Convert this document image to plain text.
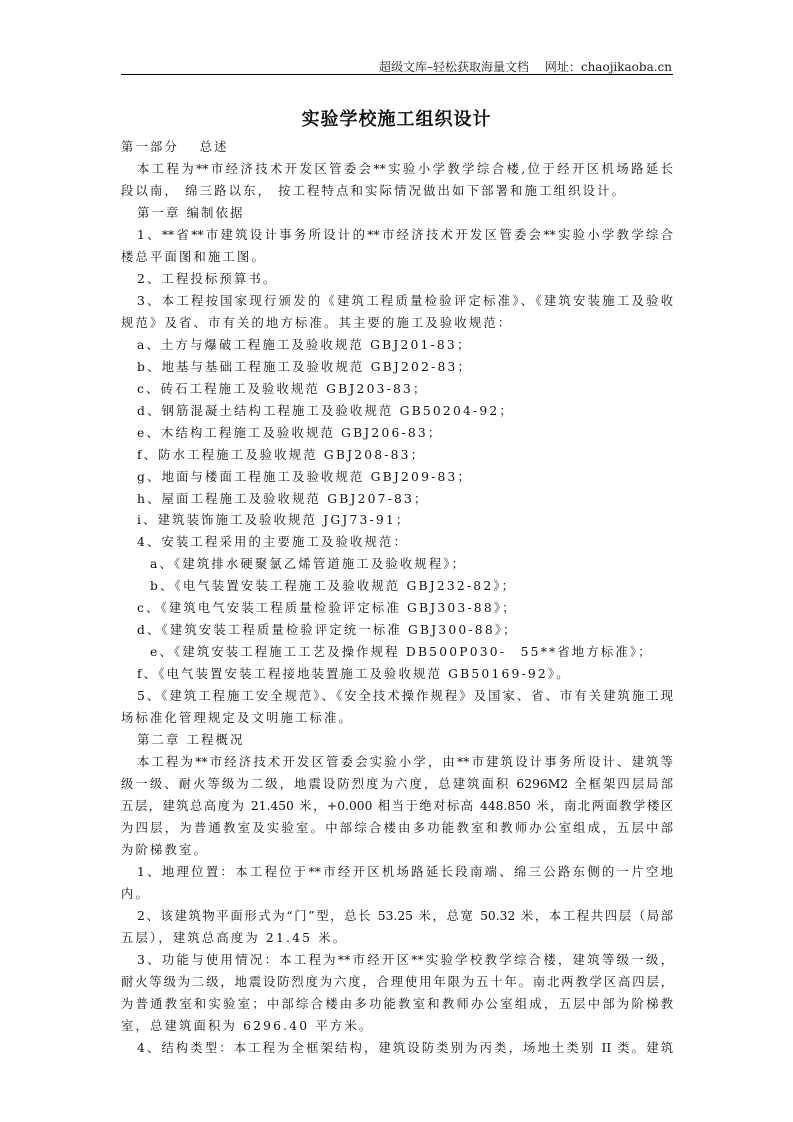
超级文库–轻松获取海量文档　 网址：chaojikaoba.cn
实验学校施工组织设计
第一部分　 总述
本工程为**市经济技术开发区管委会**实验小学教学综合楼,位于经开区机场路延长
段以南， 绵三路以东， 按工程特点和实际情况做出如下部署和施工组织设计。
第一章 编制依据
1、**省**市建筑设计事务所设计的**市经济技术开发区管委会**实验小学教学综合
楼总平面图和施工图。
2、工程投标预算书。
3、本工程按国家现行颁发的《建筑工程质量检验评定标准》、《建筑安装施工及验收
规范》及省、市有关的地方标准。其主要的施工及验收规范：
a、土方与爆破工程施工及验收规范 GBJ201-83；
b、地基与基础工程施工及验收规范 GBJ202-83；
c、砖石工程施工及验收规范 GBJ203-83；
d、钢筋混凝土结构工程施工及验收规范 GB50204-92；
e、木结构工程施工及验收规范 GBJ206-83；
f、防水工程施工及验收规范 GBJ208-83；
g、地面与楼面工程施工及验收规范 GBJ209-83；
h、屋面工程施工及验收规范 GBJ207-83；
i、建筑装饰施工及验收规范 JGJ73-91；
4、安装工程采用的主要施工及验收规范：
a、《建筑排水硬聚氯乙烯管道施工及验收规程》；
b、《电气装置安装工程施工及验收规范 GBJ232-82》；
c、《建筑电气安装工程质量检验评定标准 GBJ303-88》；
d、《建筑安装工程质量检验评定统一标准 GBJ300-88》；
e、《建筑安装工程施工工艺及操作规程 DB500P030-　55**省地方标准》；
f、《电气装置安装工程接地装置施工及验收规范 GB50169-92》。
5、《建筑工程施工安全规范》、《安全技术操作规程》及国家、省、市有关建筑施工现
场标准化管理规定及文明施工标准。
第二章 工程概况
本工程为**市经济技术开发区管委会实验小学，由**市建筑设计事务所设计、建筑等
级一级、耐火等级为二级，地震设防烈度为六度，总建筑面积 6296M2 全框架四层局部
五层，建筑总高度为 21.450 米，+0.000 相当于绝对标高 448.850 米，南北两面教学楼区
为四层，为普通教室及实验室。中部综合楼由多功能教室和教师办公室组成，五层中部
为阶梯教室。
1、地理位置：本工程位于**市经开区机场路延长段南端、绵三公路东侧的一片空地
内。
2、该建筑物平面形式为“门”型，总长 53.25 米，总宽 50.32 米，本工程共四层（局部
五层），建筑总高度为 21.45 米。
3、功能与使用情况：本工程为**市经开区**实验学校教学综合楼，建筑等级一级，
耐火等级为二级，地震设防烈度为六度，合理使用年限为五十年。南北两教学区高四层，
为普通教室和实验室；中部综合楼由多功能教室和教师办公室组成，五层中部为阶梯教
室，总建筑面积为 6296.40 平方米。
4、结构类型：本工程为全框架结构，建筑设防类别为丙类，场地土类别 II 类。建筑
